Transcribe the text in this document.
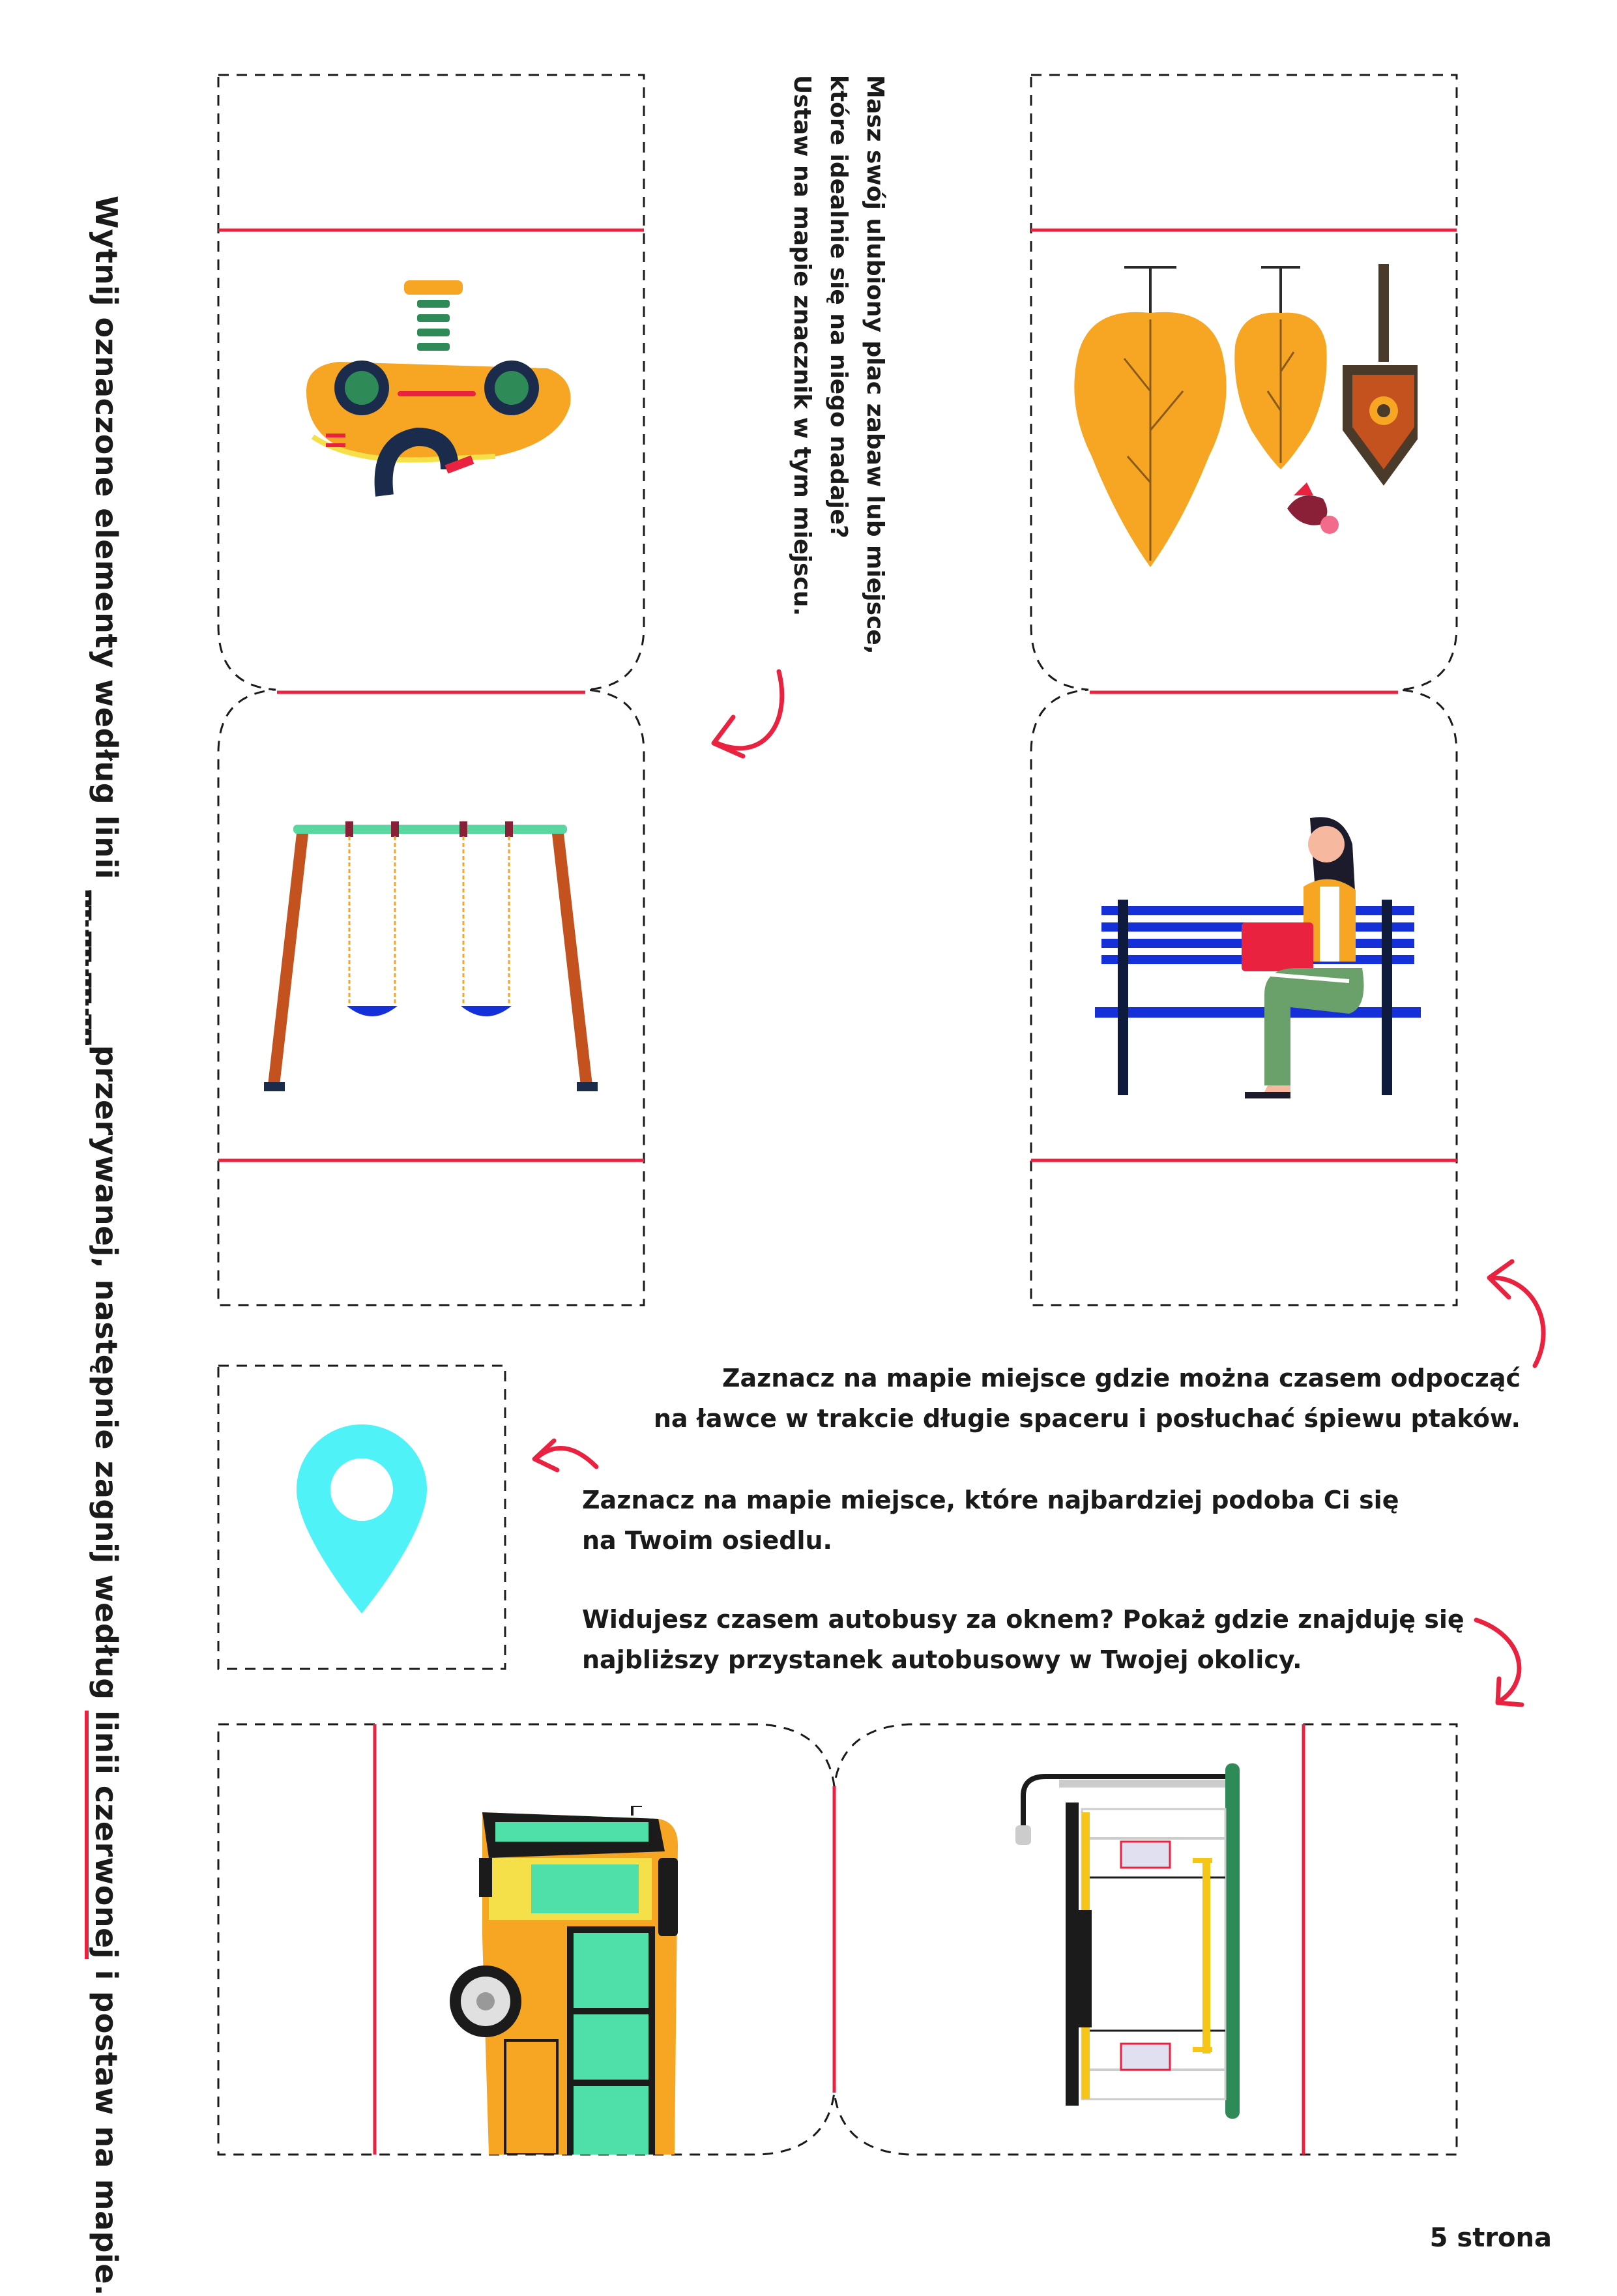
Wytnij oznaczone elementy według linii __ __ __ __przerywanej, następnie zagnij według linii czerwonej i postaw na mapie.
Masz swój ulubiony plac zabaw lub miejsce,
które idealnie się na niego nadaje?
Ustaw na mapie znacznik w tym miejscu.
PRZYSTANEK
Zaznacz na mapie miejsce gdzie można czasem odpocząć
na ławce w trakcie długie spaceru i posłuchać śpiewu ptaków.
Zaznacz na mapie miejsce, które najbardziej podoba Ci się
na Twoim osiedlu.
Widujesz czasem autobusy za oknem? Pokaż gdzie znajduję się
najbliższy przystanek autobusowy w Twojej okolicy.
5 strona
